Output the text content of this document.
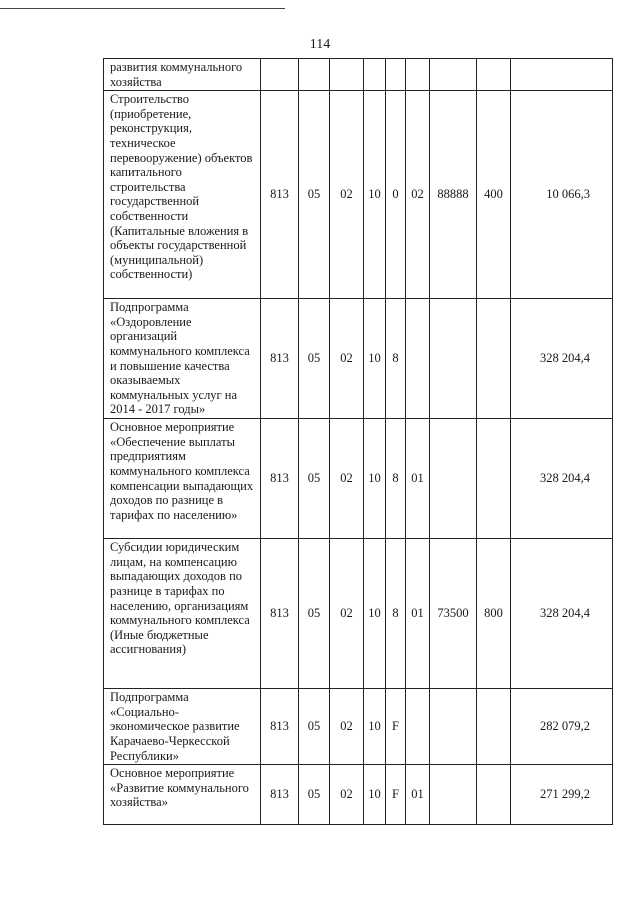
114
развития коммунального хозяйства									
Строительство (приобретение, реконструкция, техническое перевооружение) объектов капитального строительства государственной собственности (Капитальные вложения в объекты государственной (муниципальной) собственности)	813	05	02	10	0	02	88888	400	10 066,3
Подпрограмма «Оздоровление организаций коммунального комплекса и повышение качества оказываемых коммунальных услуг на 2014 - 2017 годы»	813	05	02	10	8				328 204,4
Основное мероприятие «Обеспечение выплаты предприятиям коммунального комплекса компенсации выпадающих доходов по разнице в тарифах по населению»	813	05	02	10	8	01			328 204,4
Субсидии юридическим лицам, на компенсацию выпадающих доходов по разнице в тарифах по населению, организациям коммунального комплекса (Иные бюджетные ассигнования)	813	05	02	10	8	01	73500	800	328 204,4
Подпрограмма «Социально-экономическое развитие Карачаево-Черкесской Республики»	813	05	02	10	F				282 079,2
Основное мероприятие «Развитие коммунального хозяйства»	813	05	02	10	F	01			271 299,2
